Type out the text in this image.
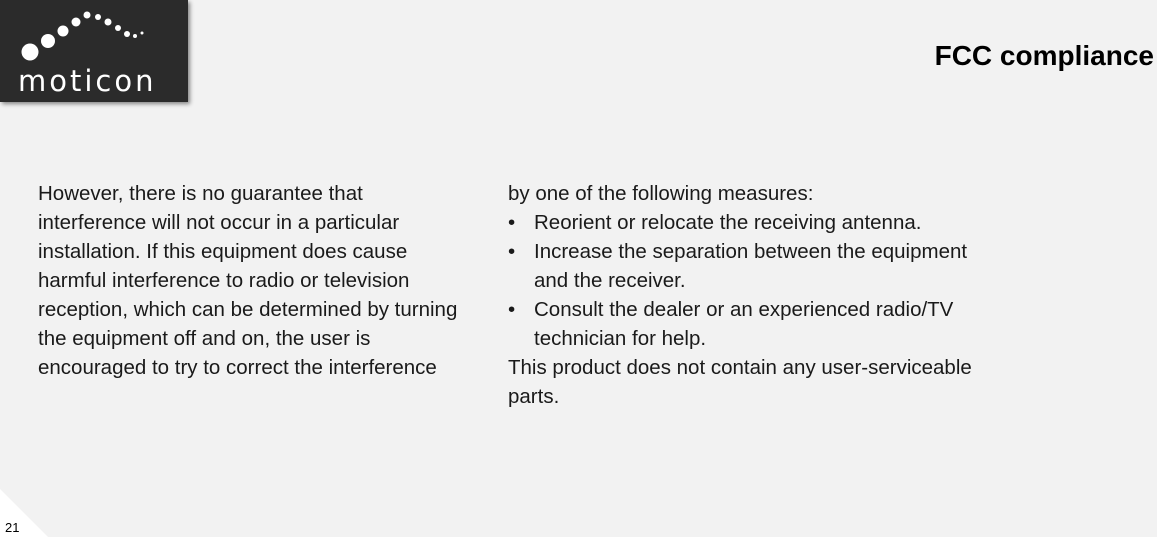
moticon
FCC compliance
However, there is no guarantee that interference will not occur in a particular installation. If this equipment does cause harmful interference to radio or television reception, which can be determined by turning the equipment off and on, the user is encouraged to try to correct the interference

by one of the following measures:

• Reorient or relocate the receiving antenna.
• Increase the separation between the equipment and the receiver.
• Consult the dealer or an experienced radio/TV technician for help.

This product does not contain any user-serviceable parts.

21
